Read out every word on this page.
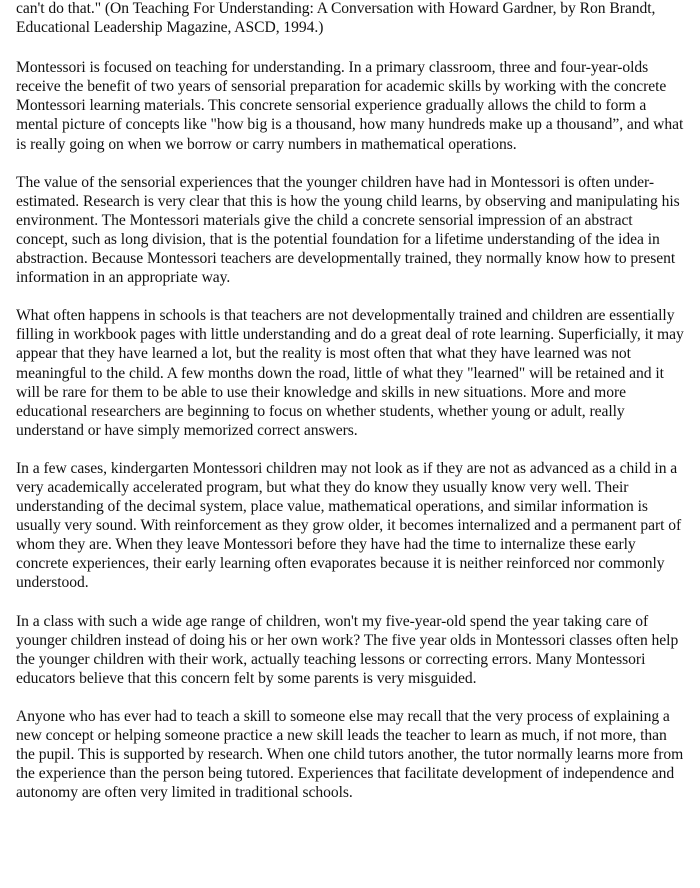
can't do that." (On Teaching For Understanding: A Conversation with Howard Gardner, by Ron Brandt, Educational Leadership Magazine, ASCD, 1994.)

Montessori is focused on teaching for understanding. In a primary classroom, three and four-year-olds receive the benefit of two years of sensorial preparation for academic skills by working with the concrete Montessori learning materials. This concrete sensorial experience gradually allows the child to form a mental picture of concepts like "how big is a thousand, how many hundreds make up a thousand”, and what is really going on when we borrow or carry numbers in mathematical operations.

The value of the sensorial experiences that the younger children have had in Montessori is often under-estimated. Research is very clear that this is how the young child learns, by observing and manipulating his environment. The Montessori materials give the child a concrete sensorial impression of an abstract concept, such as long division, that is the potential foundation for a lifetime understanding of the idea in abstraction. Because Montessori teachers are developmentally trained, they normally know how to present information in an appropriate way.

What often happens in schools is that teachers are not developmentally trained and children are essentially filling in workbook pages with little understanding and do a great deal of rote learning. Superficially, it may appear that they have learned a lot, but the reality is most often that what they have learned was not meaningful to the child. A few months down the road, little of what they "learned" will be retained and it will be rare for them to be able to use their knowledge and skills in new situations. More and more educational researchers are beginning to focus on whether students, whether young or adult, really understand or have simply memorized correct answers.

In a few cases, kindergarten Montessori children may not look as if they are not as advanced as a child in a very academically accelerated program, but what they do know they usually know very well. Their understanding of the decimal system, place value, mathematical operations, and similar information is usually very sound. With reinforcement as they grow older, it becomes internalized and a permanent part of whom they are. When they leave Montessori before they have had the time to internalize these early concrete experiences, their early learning often evaporates because it is neither reinforced nor commonly understood.

In a class with such a wide age range of children, won't my five-year-old spend the year taking care of younger children instead of doing his or her own work? The five year olds in Montessori classes often help the younger children with their work, actually teaching lessons or correcting errors. Many Montessori educators believe that this concern felt by some parents is very misguided.

Anyone who has ever had to teach a skill to someone else may recall that the very process of explaining a new concept or helping someone practice a new skill leads the teacher to learn as much, if not more, than the pupil. This is supported by research. When one child tutors another, the tutor normally learns more from the experience than the person being tutored. Experiences that facilitate development of independence and autonomy are often very limited in traditional schools.
